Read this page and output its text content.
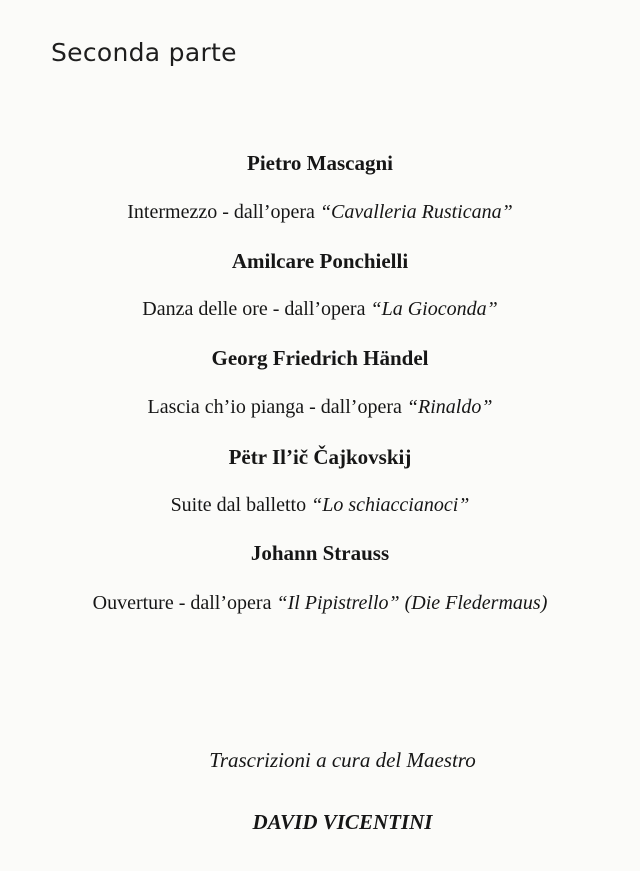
Seconda parte
Pietro Mascagni
Intermezzo - dall’opera “Cavalleria Rusticana”
Amilcare Ponchielli
Danza delle ore - dall’opera “La Gioconda”
Georg Friedrich Händel
Lascia ch’io pianga - dall’opera “Rinaldo”
Pëtr Il’ič Čajkovskij
Suite dal balletto “Lo schiaccianoci”
Johann Strauss
Ouverture - dall’opera “Il Pipistrello” (Die Fledermaus)
Trascrizioni a cura del Maestro
DAVID VICENTINI
